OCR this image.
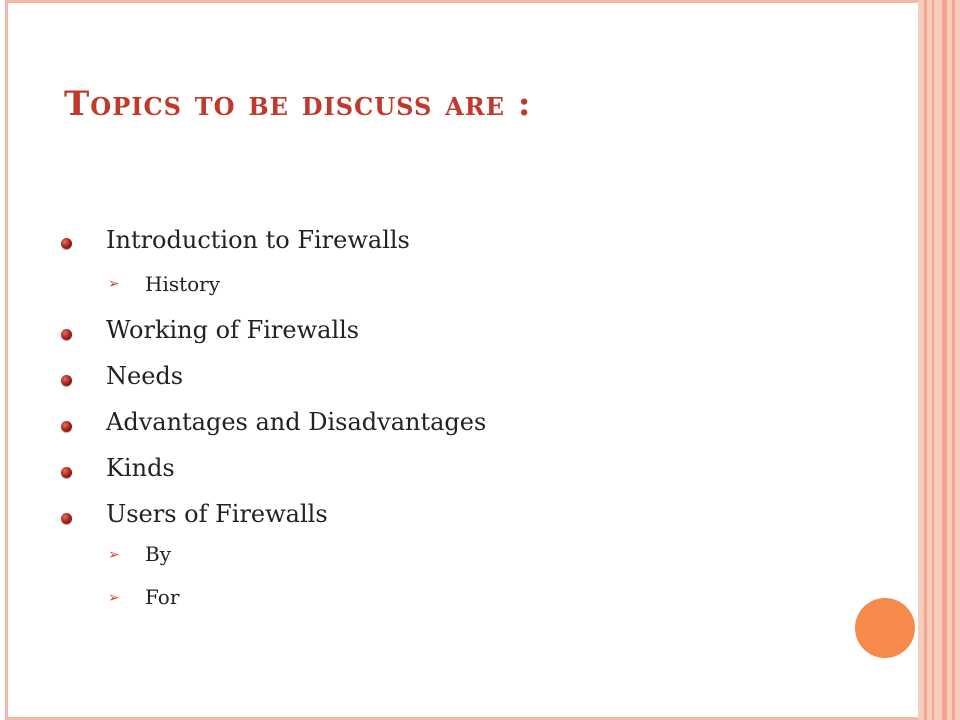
Topics to be discuss are :
Introduction to Firewalls
➢ History
Working of Firewalls
Needs
Advantages and Disadvantages
Kinds
Users of Firewalls
➢ By
➢ For
